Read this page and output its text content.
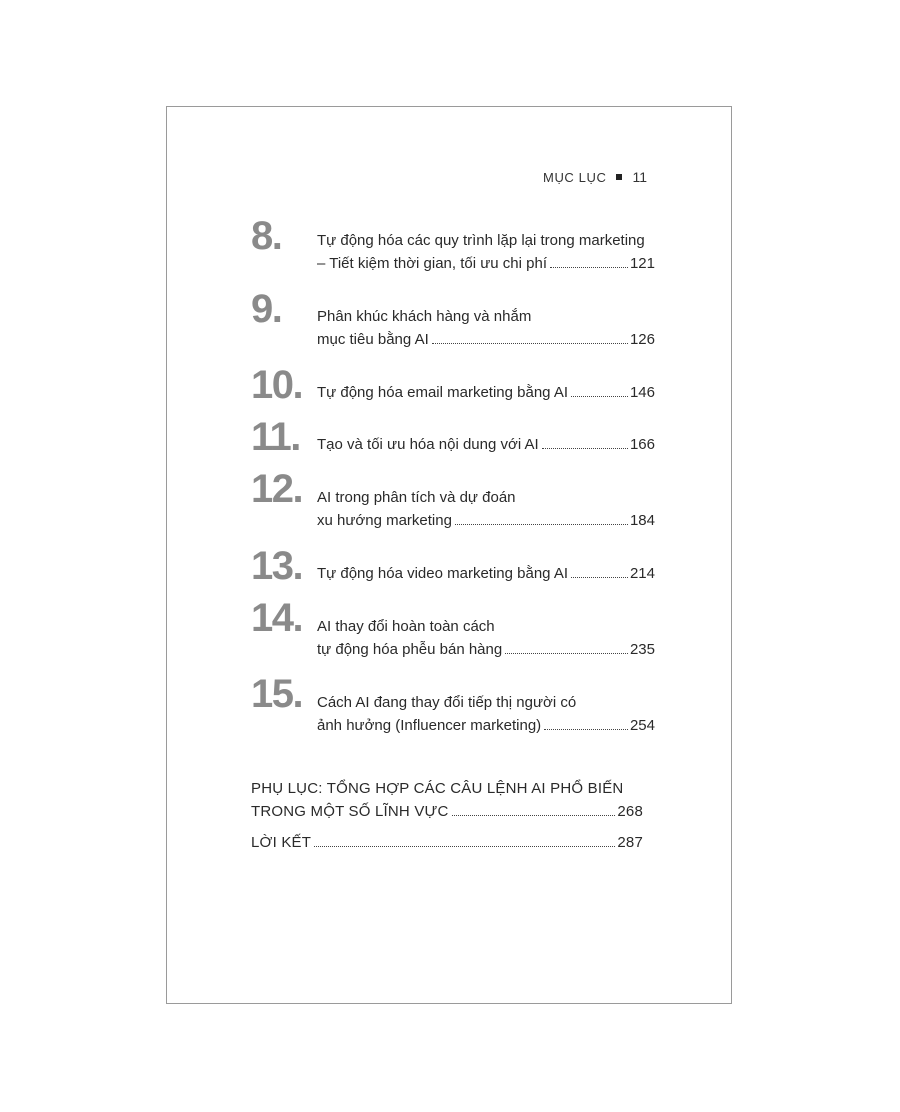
MỤC LỤC 11
8. Tự động hóa các quy trình lặp lại trong marketing
– Tiết kiệm thời gian, tối ưu chi phí	121
9. Phân khúc khách hàng và nhắm
mục tiêu bằng AI	126
10. Tự động hóa email marketing bằng AI	146
11. Tạo và tối ưu hóa nội dung với AI	166
12. AI trong phân tích và dự đoán
xu hướng marketing	184
13. Tự động hóa video marketing bằng AI	214
14. AI thay đổi hoàn toàn cách
tự động hóa phễu bán hàng	235
15. Cách AI đang thay đổi tiếp thị người có
ảnh hưởng (Influencer marketing)	254
PHỤ LỤC: TỔNG HỢP CÁC CÂU LỆNH AI PHỔ BIẾN
TRONG MỘT SỐ LĨNH VỰC	268
LỜI KẾT	287
